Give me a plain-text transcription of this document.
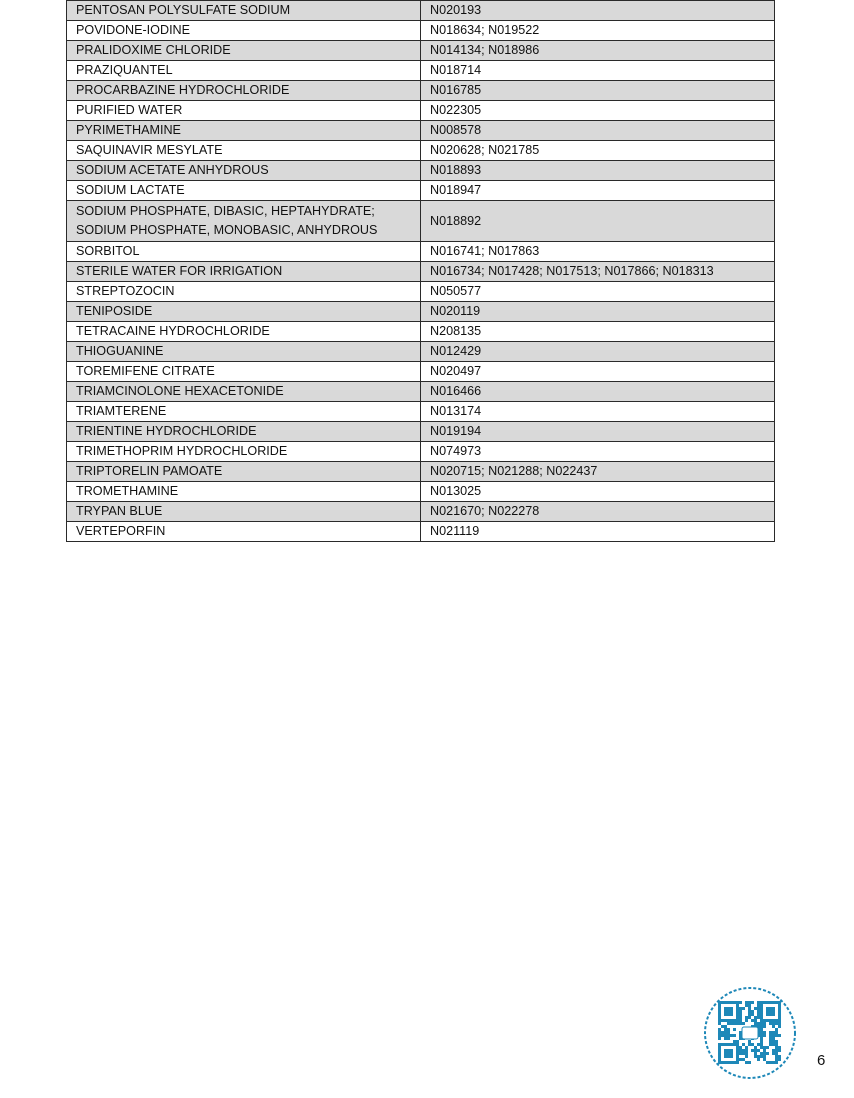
PENTOSAN POLYSULFATE SODIUM	N020193

POVIDONE-IODINE	N018634; N019522

PRALIDOXIME CHLORIDE	N014134; N018986

PRAZIQUANTEL	N018714

PROCARBAZINE HYDROCHLORIDE	N016785

PURIFIED WATER	N022305

PYRIMETHAMINE	N008578

SAQUINAVIR MESYLATE	N020628; N021785

SODIUM ACETATE ANHYDROUS	N018893

SODIUM LACTATE	N018947

SODIUM PHOSPHATE, DIBASIC, HEPTAHYDRATE;
SODIUM PHOSPHATE, MONOBASIC, ANHYDROUS	N018892

SORBITOL	N016741; N017863

STERILE WATER FOR IRRIGATION	N016734; N017428; N017513; N017866; N018313

STREPTOZOCIN	N050577

TENIPOSIDE	N020119

TETRACAINE HYDROCHLORIDE	N208135

THIOGUANINE	N012429

TOREMIFENE CITRATE	N020497

TRIAMCINOLONE HEXACETONIDE	N016466

TRIAMTERENE	N013174

TRIENTINE HYDROCHLORIDE	N019194

TRIMETHOPRIM HYDROCHLORIDE	N074973

TRIPTORELIN PAMOATE	N020715; N021288; N022437

TROMETHAMINE	N013025

TRYPAN BLUE	N021670; N022278

VERTEPORFIN	N021119
6
